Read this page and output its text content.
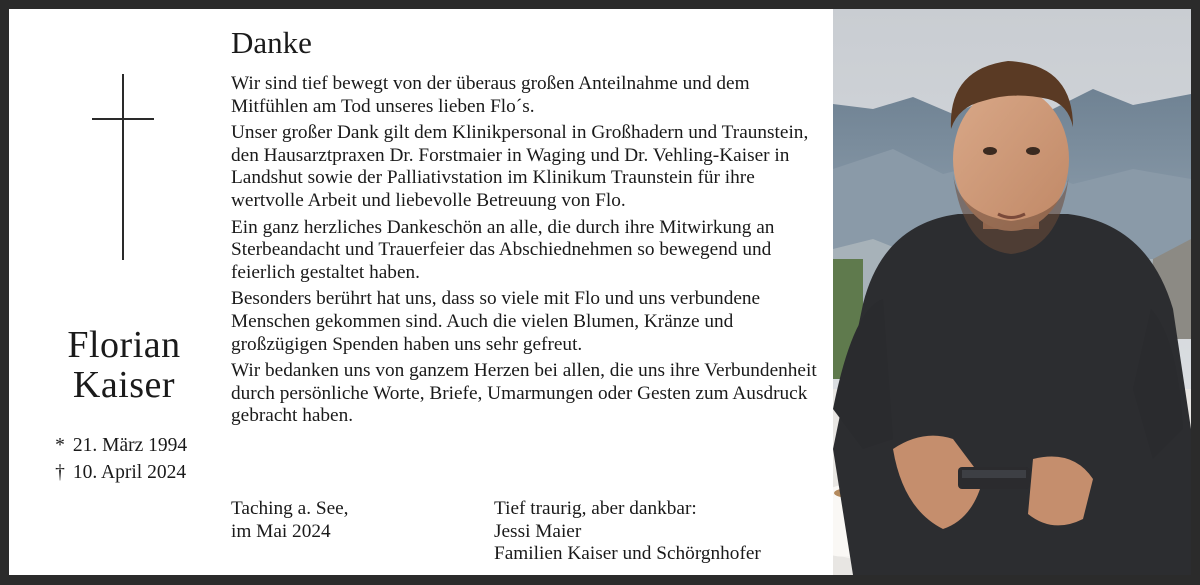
Florian
Kaiser
* 21. März 1994
† 10. April 2024
Danke

Wir sind tief bewegt von der überaus großen Anteilnahme und dem Mitfühlen am Tod unseres lieben Flo´s.

Unser großer Dank gilt dem Klinikpersonal in Großhadern und Traunstein, den Hausarztpraxen Dr. Forstmaier in Waging und Dr. Vehling-Kaiser in Landshut sowie der Palliativstation im Klinikum Traunstein für ihre wertvolle Arbeit und liebevolle Betreuung von Flo.

Ein ganz herzliches Dankeschön an alle, die durch ihre Mitwirkung an Sterbeandacht und Trauerfeier das Abschiednehmen so bewegend und feierlich gestaltet haben.

Besonders berührt hat uns, dass so viele mit Flo und uns verbundene Menschen gekommen sind. Auch die vielen Blumen, Kränze und großzügigen Spenden haben uns sehr gefreut.

Wir bedanken uns von ganzem Herzen bei allen, die uns ihre Verbundenheit durch persönliche Worte, Briefe, Umarmungen oder Gesten zum Ausdruck gebracht haben.

Taching a. See,
im Mai 2024
Tief traurig, aber dankbar:
Jessi Maier
Familien Kaiser und Schörgnhofer
